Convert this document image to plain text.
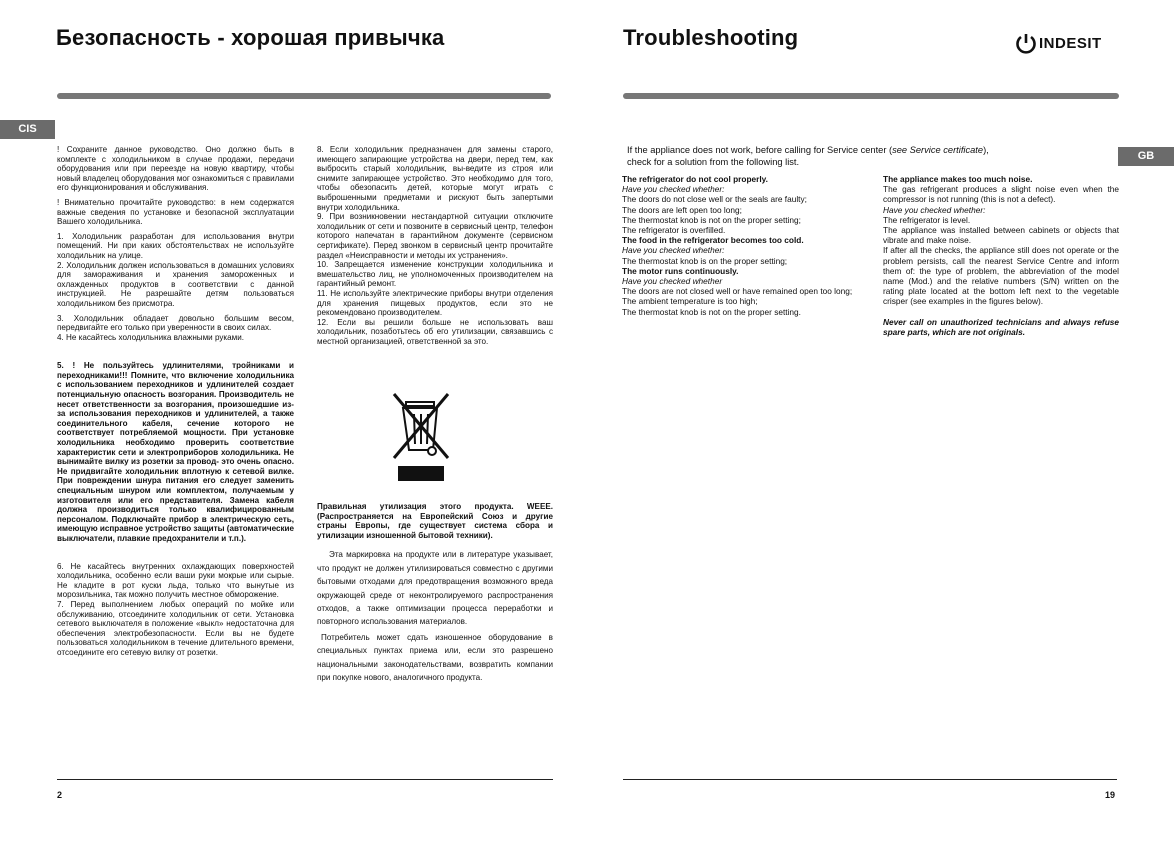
Безопасность - хорошая привычка
CIS

! Сохраните данное руководство. Оно должно быть в комплекте с холодильником в случае продажи, передачи оборудования или при переезде на новую квартиру, чтобы новый владелец оборудования мог ознакомиться с правилами его функционирования и обслуживания.

! Внимательно прочитайте руководство: в нем содержатся важные сведения по установке и безопасной эксплуатации Вашего холодильника.

1. Холодильник разработан для использования внутри помещений. Ни при каких обстоятельствах не используйте холодильник на улице.
2. Холодильник должен использоваться в домашних условиях для замораживания и хранения замороженных и охлажденных продуктов в соответствии с данной инструкцией. Не разрешайте детям пользоваться холодильником без присмотра.

3. Холодильник обладает довольно большим весом, передвигайте его только при уверенности в своих силах.
4. Не касайтесь холодильника влажными руками.

5. ! Не пользуйтесь удлинителями, тройниками и переходниками!!! Помните, что включение холодильника с использованием переходников и удлинителей создает потенциальную опасность возгорания. Производитель не несет ответственности за возгорания, произошедшие из-за использования переходников и удлинителей, а также соединительного кабеля, сечение которого не соответствует потребляемой мощности. При установке холодильника необходимо проверить соответствие характеристик сети и электроприборов холодильника. Не вынимайте вилку из розетки за провод- это очень опасно. Не придвигайте холодильник вплотную к сетевой вилке. При повреждении шнура питания его следует заменить специальным шнуром или комплектом, получаемым у изготовителя или его представителя. Замена кабеля должна производиться только квалифицированным персоналом. Подключайте прибор в электрическую сеть, имеющую исправное устройство защиты (автоматические выключатели, плавкие предохранители и т.п.).

6. Не касайтесь внутренних охлаждающих поверхностей холодильника, особенно если ваши руки мокрые или сырые. Не кладите в рот куски льда, только что вынутые из морозильника, так можно получить местное обморожение.
7. Перед выполнением любых операций по мойке или обслуживанию, отсоедините холодильник от сети. Установка сетевого выключателя в положение «выкл» недостаточна для обеспечения электробезопасности. Если вы не будете пользоваться холодильником в течение длительного времени, отсоедините его сетевую вилку от розетки.

8. Если холодильник предназначен для замены старого, имеющего запирающие устройства на двери, перед тем, как выбросить старый холодильник, вы-ведите из строя или снимите запирающее устройство. Это необходимо для того, чтобы обезопасить детей, которые могут играть с выброшенными предметами и рискуют быть запертыми внутри холодильника.
9. При возникновении нестандартной ситуации отключите холодильник от сети и позвоните в сервисный центр, телефон которого напечатан в гарантийном документе (сервисном сертификате). Перед звонком в сервисный центр прочитайте раздел «Неисправности и методы их устранения».
10. Запрещается изменение конструкции холодильника и вмешательство лиц, не уполномоченных производителем на гарантийный ремонт.
11. Не используйте электрические приборы внутри отделения для хранения пищевых продуктов, если это не рекомендовано производителем.
12. Если вы решили больше не использовать ваш холодильник, позаботьтесь об его утилизации, связавшись с местной организацией, ответственной за это.

Правильная утилизация этого продукта. WEEE. (Распространяется на Европейский Союз и другие страны Европы, где существует система сбора и утилизации изношенной бытовой техники).

Эта маркировка на продукте или в литературе указывает, что продукт не должен утилизироваться совместно с другими бытовыми отходами для предотвращения возможного вреда окружающей среде от неконтролируемого распространения отходов, а также оптимизации процесса переработки и повторного использования материалов.

Потребитель может сдать изношенное оборудование в специальных пунктах приема или, если это разрешено национальными законодательствами, возвратить компании при покупке нового, аналогичного продукта.

2
Troubleshooting	INDESIT
GB
If the appliance does not work, before calling for Service center (see Service certificate),
check for a solution from the following list.
The refrigerator do not cool properly.
Have you checked whether:
The doors do not close well or the seals are faulty;
The doors are left open too long;
The thermostat knob is not on the proper setting;
The refrigerator is overfilled.
The food in the refrigerator becomes too cold.
Have you checked whether:
The thermostat knob is on the proper setting;
The motor runs continuously.
Have you checked whether
The doors are not closed well or have remained open too long;
The ambient temperature is too high;
The thermostat knob is not on the proper setting.
The appliance makes too much noise.
The gas refrigerant produces a slight noise even when the compressor is not running (this is not a defect).
Have you checked whether:
The refrigerator is level.
The appliance was installed between cabinets or objects that vibrate and make noise.
If after all the checks, the appliance still does not operate or the problem persists, call the nearest Service Centre and inform them of: the type of problem, the abbreviation of the model name (Mod.) and the relative numbers (S/N) written on the rating plate located at the bottom left next to the vegetable crisper (see examples in the figures below).
Never call on unauthorized technicians and always refuse spare parts, which are not originals.
19
